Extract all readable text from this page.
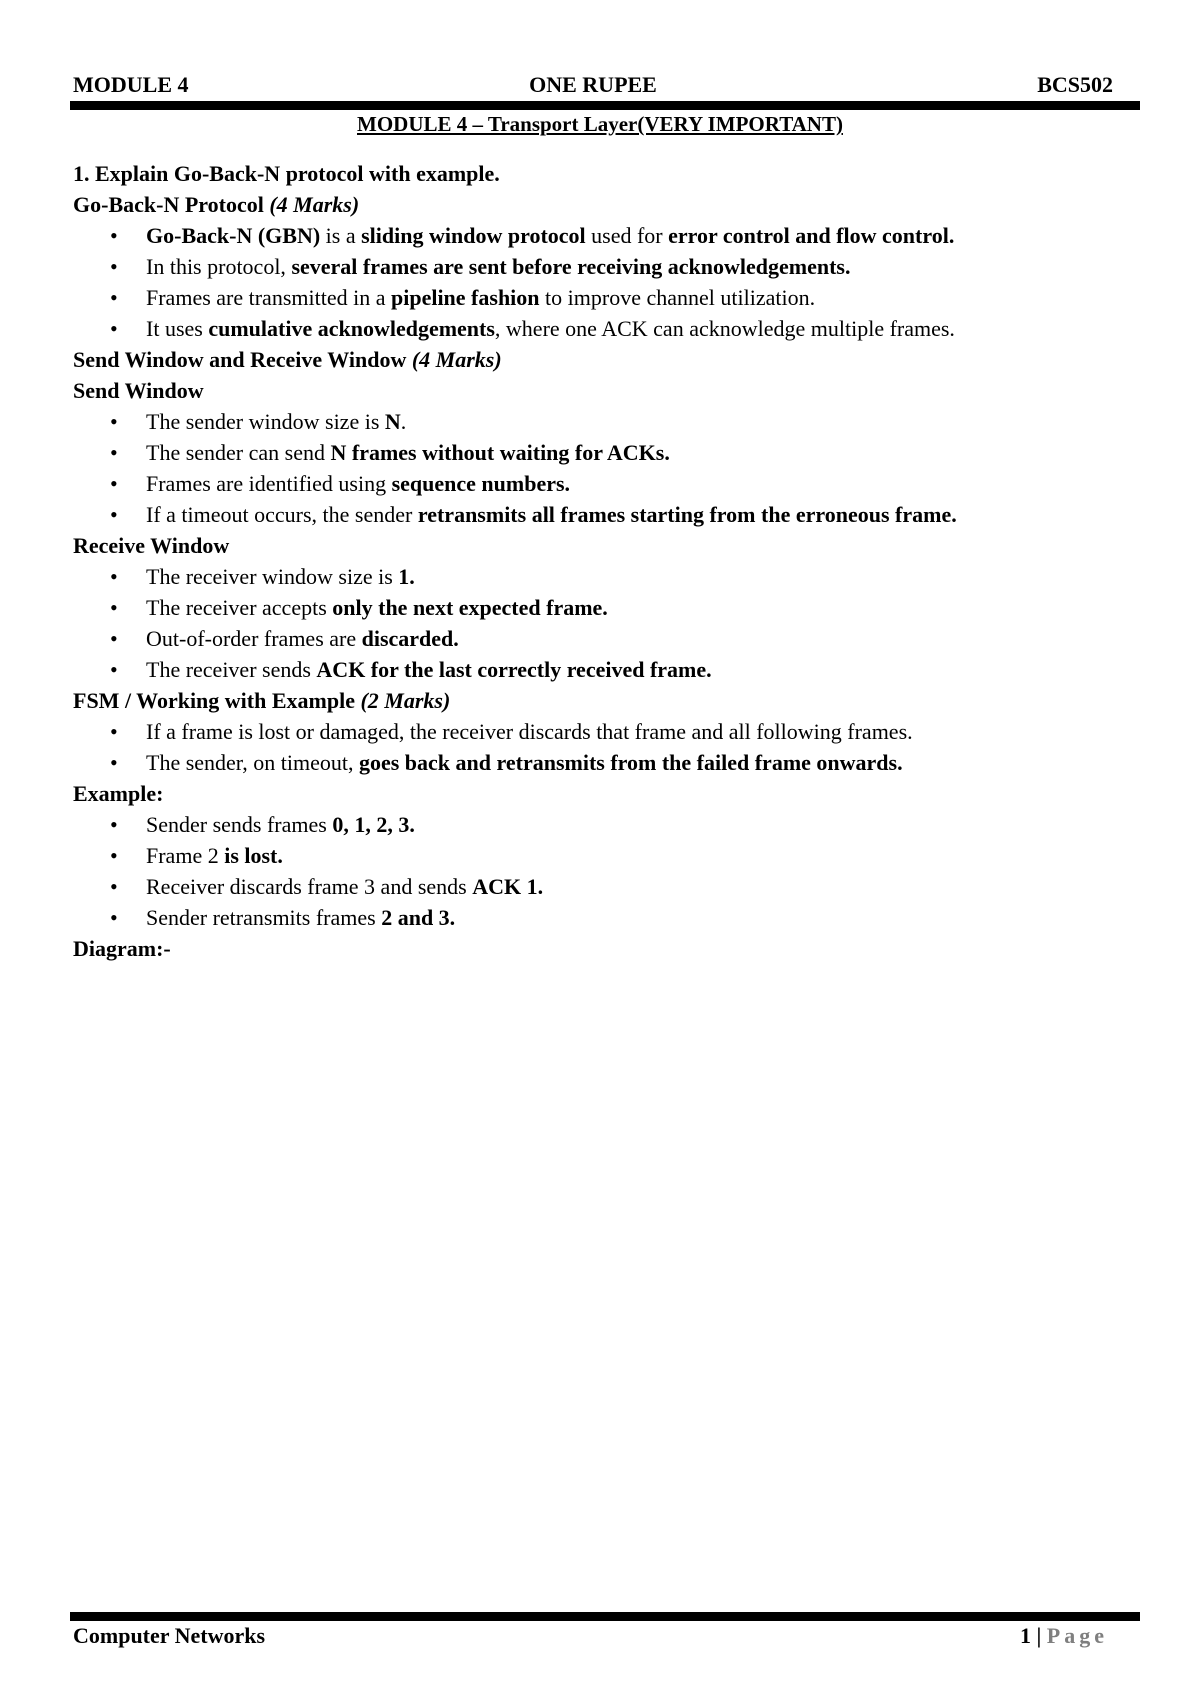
MODULE 4	ONE RUPEE	BCS502
MODULE 4 – Transport Layer(VERY IMPORTANT)
1. Explain Go-Back-N protocol with example.
Go-Back-N Protocol (4 Marks)
• Go-Back-N (GBN) is a sliding window protocol used for error control and flow control.
• In this protocol, several frames are sent before receiving acknowledgements.
• Frames are transmitted in a pipeline fashion to improve channel utilization.
• It uses cumulative acknowledgements, where one ACK can acknowledge multiple frames.
Send Window and Receive Window (4 Marks)
Send Window
• The sender window size is N.
• The sender can send N frames without waiting for ACKs.
• Frames are identified using sequence numbers.
• If a timeout occurs, the sender retransmits all frames starting from the erroneous frame.
Receive Window
• The receiver window size is 1.
• The receiver accepts only the next expected frame.
• Out-of-order frames are discarded.
• The receiver sends ACK for the last correctly received frame.
FSM / Working with Example (2 Marks)
• If a frame is lost or damaged, the receiver discards that frame and all following frames.
• The sender, on timeout, goes back and retransmits from the failed frame onwards.
Example:
• Sender sends frames 0, 1, 2, 3.
• Frame 2 is lost.
• Receiver discards frame 3 and sends ACK 1.
• Sender retransmits frames 2 and 3.
Diagram:-
Computer Networks	1 | Page
